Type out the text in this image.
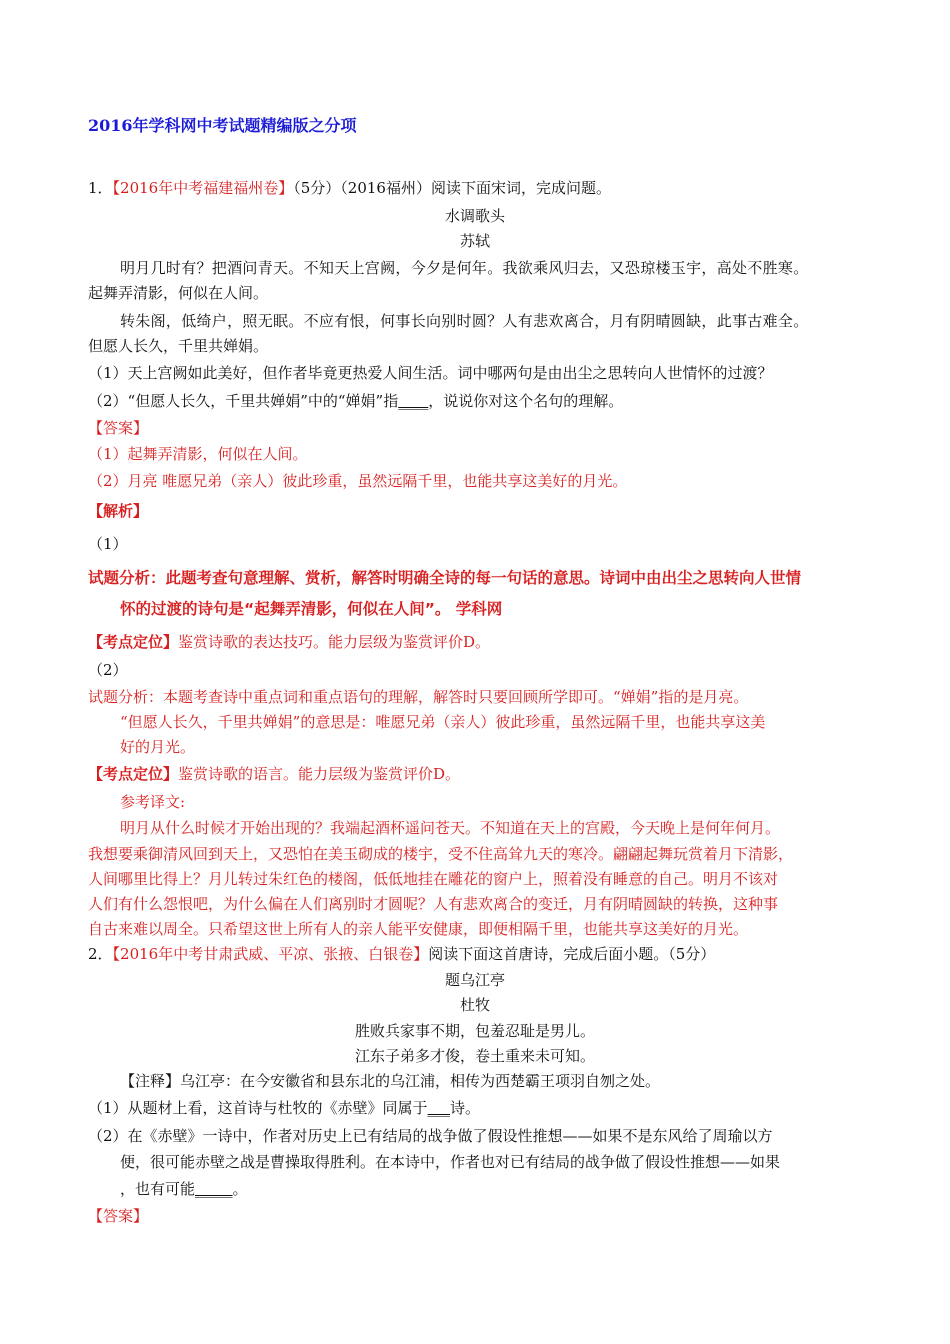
2016年学科网中考试题精编版之分项
1．【2016年中考福建福州卷】（5分）（2016福州）阅读下面宋词，完成问题。
水调歌头
苏轼
明月几时有？把酒问青天。不知天上宫阙，今夕是何年。我欲乘风归去，又恐琼楼玉宇，高处不胜寒。
起舞弄清影，何似在人间。
转朱阁，低绮户，照无眠。不应有恨，何事长向别时圆？人有悲欢离合，月有阴晴圆缺，此事古难全。
但愿人长久，千里共婵娟。
（1）天上宫阙如此美好，但作者毕竟更热爱人间生活。词中哪两句是由出尘之思转向人世情怀的过渡？
（2）“但愿人长久，千里共婵娟”中的“婵娟”指____，说说你对这个名句的理解。
【答案】
（1）起舞弄清影，何似在人间。
（2）月亮 唯愿兄弟（亲人）彼此珍重，虽然远隔千里，也能共享这美好的月光。
【解析】
（1）
试题分析：此题考查句意理解、赏析，解答时明确全诗的每一句话的意思。诗词中由出尘之思转向人世情
怀的过渡的诗句是“起舞弄清影，何似在人间”。 学科网
【考点定位】鉴赏诗歌的表达技巧。能力层级为鉴赏评价D。
（2）
试题分析：本题考查诗中重点词和重点语句的理解，解答时只要回顾所学即可。“婵娟”指的是月亮。
“但愿人长久，千里共婵娟”的意思是：唯愿兄弟（亲人）彼此珍重，虽然远隔千里，也能共享这美
好的月光。
【考点定位】鉴赏诗歌的语言。能力层级为鉴赏评价D。
参考译文:
明月从什么时候才开始出现的？我端起酒杯遥问苍天。不知道在天上的宫殿，今天晚上是何年何月。
我想要乘御清风回到天上，又恐怕在美玉砌成的楼宇，受不住高耸九天的寒冷。翩翩起舞玩赏着月下清影，
人间哪里比得上？月儿转过朱红色的楼阁，低低地挂在雕花的窗户上，照着没有睡意的自己。明月不该对
人们有什么怨恨吧，为什么偏在人们离别时才圆呢？人有悲欢离合的变迁，月有阴晴圆缺的转换，这种事
自古来难以周全。只希望这世上所有人的亲人能平安健康，即便相隔千里，也能共享这美好的月光。
2．【2016年中考甘肃武威、平凉、张掖、白银卷】阅读下面这首唐诗，完成后面小题。（5分）
题乌江亭
杜牧
胜败兵家事不期，包羞忍耻是男儿。
江东子弟多才俊，卷土重来未可知。
【注释】乌江亭：在今安徽省和县东北的乌江浦，相传为西楚霸王项羽自刎之处。
（1）从题材上看，这首诗与杜牧的《赤壁》同属于___诗。
（2）在《赤壁》一诗中，作者对历史上已有结局的战争做了假设性推想——如果不是东风给了周瑜以方
便，很可能赤壁之战是曹操取得胜利。在本诗中，作者也对已有结局的战争做了假设性推想——如果
，也有可能_____。
【答案】
